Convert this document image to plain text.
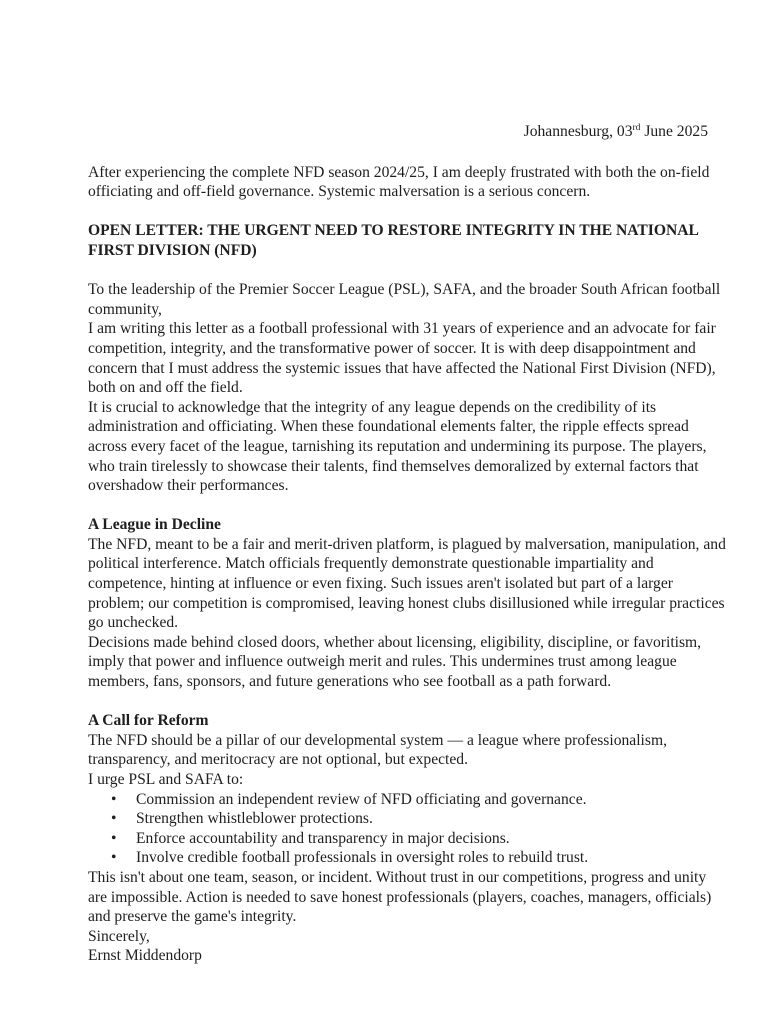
Johannesburg, 03rd June 2025

After experiencing the complete NFD season 2024/25, I am deeply frustrated with both the on-field officiating and off-field governance. Systemic malversation is a serious concern.

OPEN LETTER: THE URGENT NEED TO RESTORE INTEGRITY IN THE NATIONAL FIRST DIVISION (NFD)

To the leadership of the Premier Soccer League (PSL), SAFA, and the broader South African football community,

I am writing this letter as a football professional with 31 years of experience and an advocate for fair competition, integrity, and the transformative power of soccer. It is with deep disappointment and concern that I must address the systemic issues that have affected the National First Division (NFD), both on and off the field.

It is crucial to acknowledge that the integrity of any league depends on the credibility of its administration and officiating. When these foundational elements falter, the ripple effects spread across every facet of the league, tarnishing its reputation and undermining its purpose. The players, who train tirelessly to showcase their talents, find themselves demoralized by external factors that overshadow their performances.

A League in Decline

The NFD, meant to be a fair and merit-driven platform, is plagued by malversation, manipulation, and political interference. Match officials frequently demonstrate questionable impartiality and competence, hinting at influence or even fixing. Such issues aren't isolated but part of a larger problem; our competition is compromised, leaving honest clubs disillusioned while irregular practices go unchecked.

Decisions made behind closed doors, whether about licensing, eligibility, discipline, or favoritism, imply that power and influence outweigh merit and rules. This undermines trust among league members, fans, sponsors, and future generations who see football as a path forward.

A Call for Reform

The NFD should be a pillar of our developmental system — a league where professionalism, transparency, and meritocracy are not optional, but expected.

I urge PSL and SAFA to:

• Commission an independent review of NFD officiating and governance.
• Strengthen whistleblower protections.
• Enforce accountability and transparency in major decisions.
• Involve credible football professionals in oversight roles to rebuild trust.

This isn't about one team, season, or incident. Without trust in our competitions, progress and unity are impossible. Action is needed to save honest professionals (players, coaches, managers, officials) and preserve the game's integrity.

Sincerely,

Ernst Middendorp
